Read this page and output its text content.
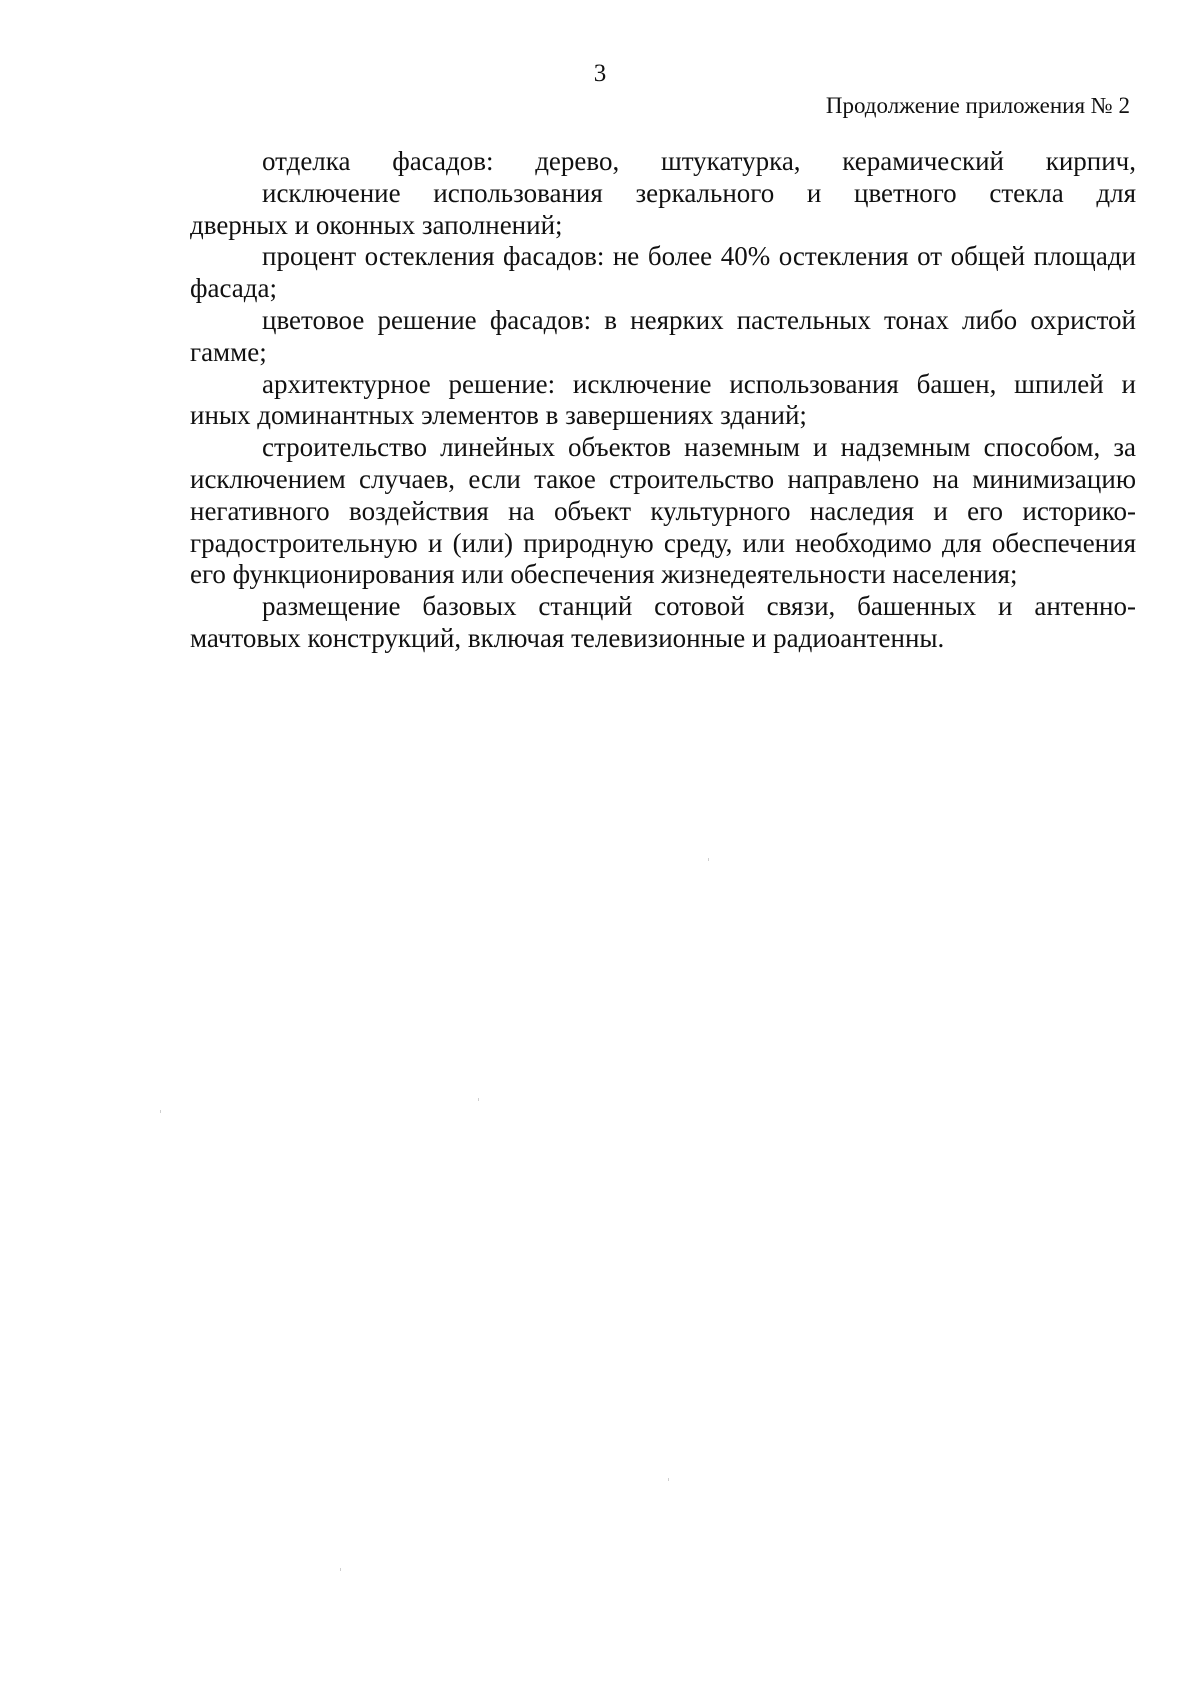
3
Продолжение приложения № 2
отделка фасадов: дерево, штукатурка, керамический кирпич,
исключение использования зеркального и цветного стекла для
дверных и оконных заполнений;

процент остекления фасадов: не более 40% остекления от общей площади фасада;

цветовое решение фасадов: в неярких пастельных тонах либо охристой гамме;

архитектурное решение: исключение использования башен, шпилей и иных доминантных элементов в завершениях зданий;

строительство линейных объектов наземным и надземным способом, за исключением случаев, если такое строительство направлено на минимизацию негативного воздействия на объект культурного наследия и его историко-градостроительную и (или) природную среду, или необходимо для обеспечения его функционирования или обеспечения жизнедеятельности населения;

размещение базовых станций сотовой связи, башенных и антенно-мачтовых конструкций, включая телевизионные и радиоантенны.
